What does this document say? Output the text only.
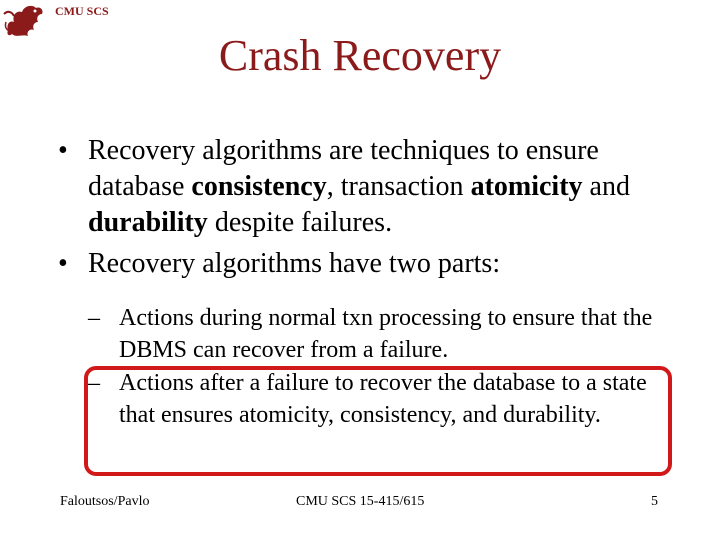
CMU SCS
Crash Recovery
• Recovery algorithms are techniques to ensure database consistency, transaction atomicity and durability despite failures.
• Recovery algorithms have two parts:
– Actions during normal txn processing to ensure that the DBMS can recover from a failure.
– Actions after a failure to recover the database to a state that ensures atomicity, consistency, and durability.
Faloutsos/Pavlo	CMU SCS 15-415/615	5
